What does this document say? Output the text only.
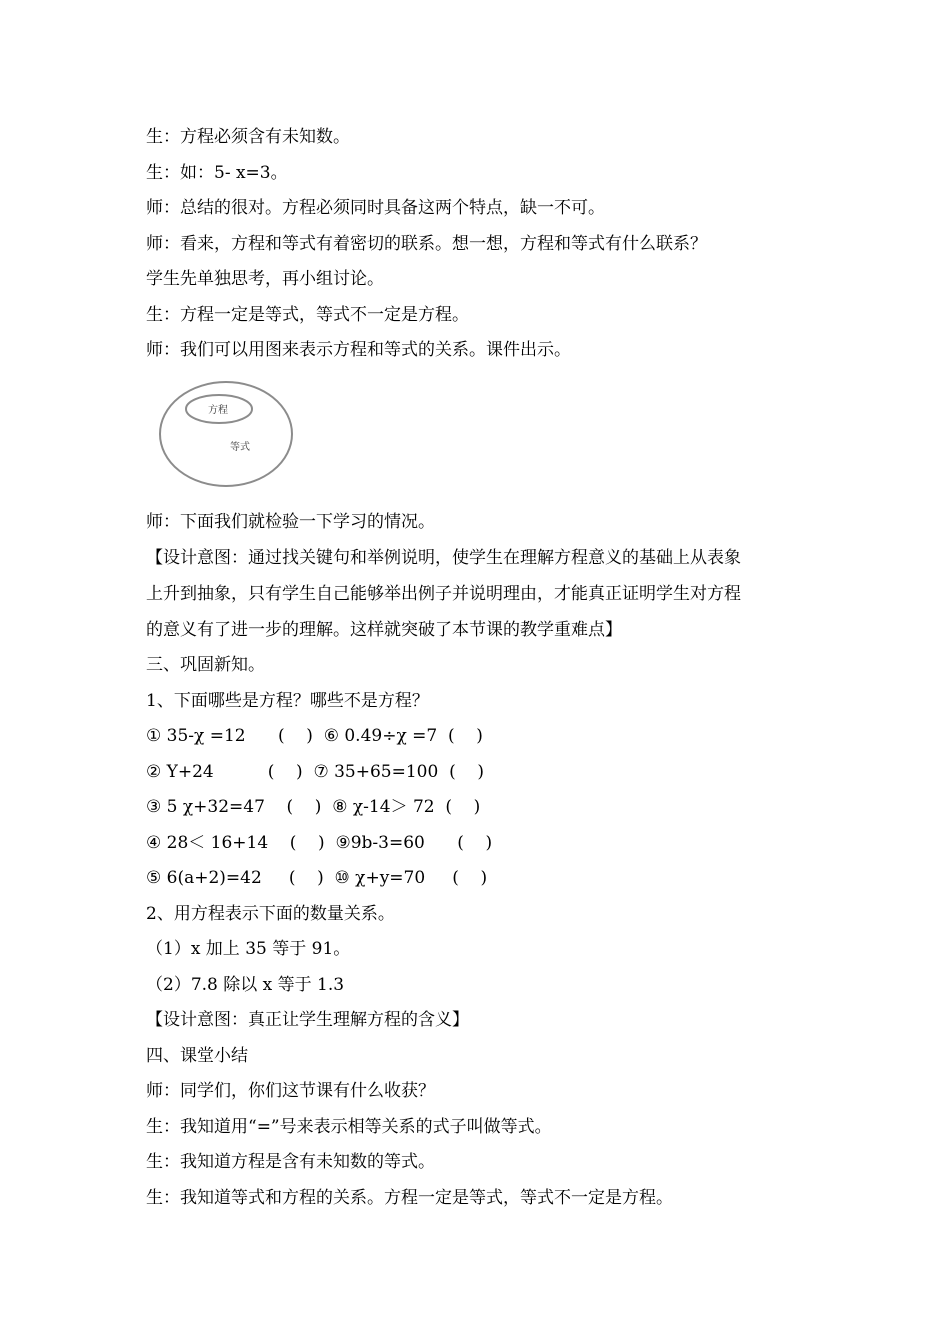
生：方程必须含有未知数。
生：如：5- x=3。
师：总结的很对。方程必须同时具备这两个特点，缺一不可。
师：看来，方程和等式有着密切的联系。想一想，方程和等式有什么联系？
学生先单独思考，再小组讨论。
生：方程一定是等式，等式不一定是方程。
师：我们可以用图来表示方程和等式的关系。课件出示。
方程
等式
师：下面我们就检验一下学习的情况。
【设计意图：通过找关键句和举例说明，使学生在理解方程意义的基础上从表象
上升到抽象，只有学生自己能够举出例子并说明理由，才能真正证明学生对方程
的意义有了进一步的理解。这样就突破了本节课的教学重难点】
三、巩固新知。
1、下面哪些是方程？哪些不是方程？
① 35-χ =12      (    )  ⑥ 0.49÷χ =7  (    )
② Y+24          (    )  ⑦ 35+65=100  (    )
③ 5 χ+32=47    (    )  ⑧ χ-14＞ 72  (    )
④ 28＜ 16+14    (    )  ⑨9b-3=60      (    )
⑤ 6(a+2)=42     (    )  ⑩ χ+y=70     (    )
2、用方程表示下面的数量关系。
（1）x 加上 35 等于 91。
（2）7.8 除以 x 等于 1.3
【设计意图：真正让学生理解方程的含义】
四、课堂小结
师：同学们，你们这节课有什么收获？
生：我知道用“=”号来表示相等关系的式子叫做等式。
生：我知道方程是含有未知数的等式。
生：我知道等式和方程的关系。方程一定是等式，等式不一定是方程。
